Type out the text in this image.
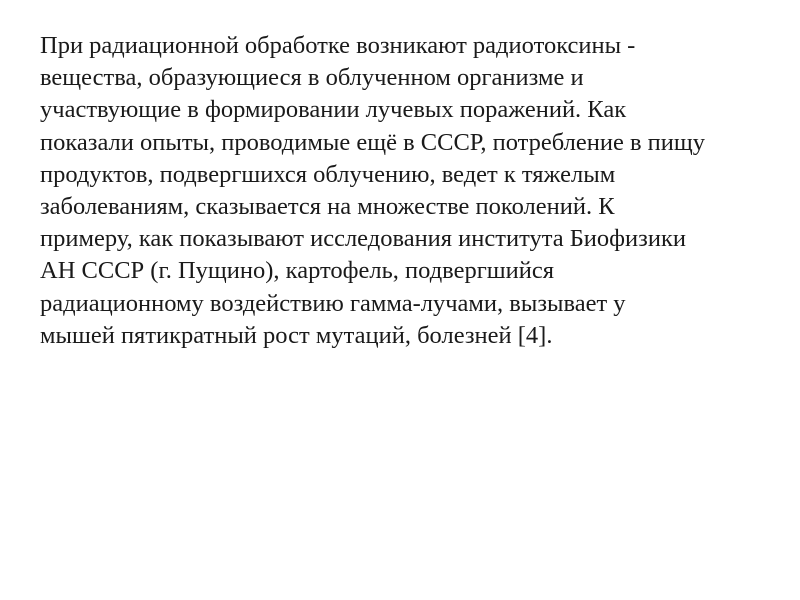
При радиационной обработке возникают радиотоксины -
вещества, образующиеся в облученном организме и
участвующие в формировании лучевых поражений. Как
показали опыты, проводимые ещё в СССР, потребление в пищу
продуктов, подвергшихся облучению, ведет к тяжелым
заболеваниям, сказывается на множестве поколений. К
примеру, как показывают исследования института Биофизики
АН СССР (г. Пущино), картофель, подвергшийся
радиационному воздействию гамма-лучами, вызывает у
мышей пятикратный рост мутаций, болезней [4].
